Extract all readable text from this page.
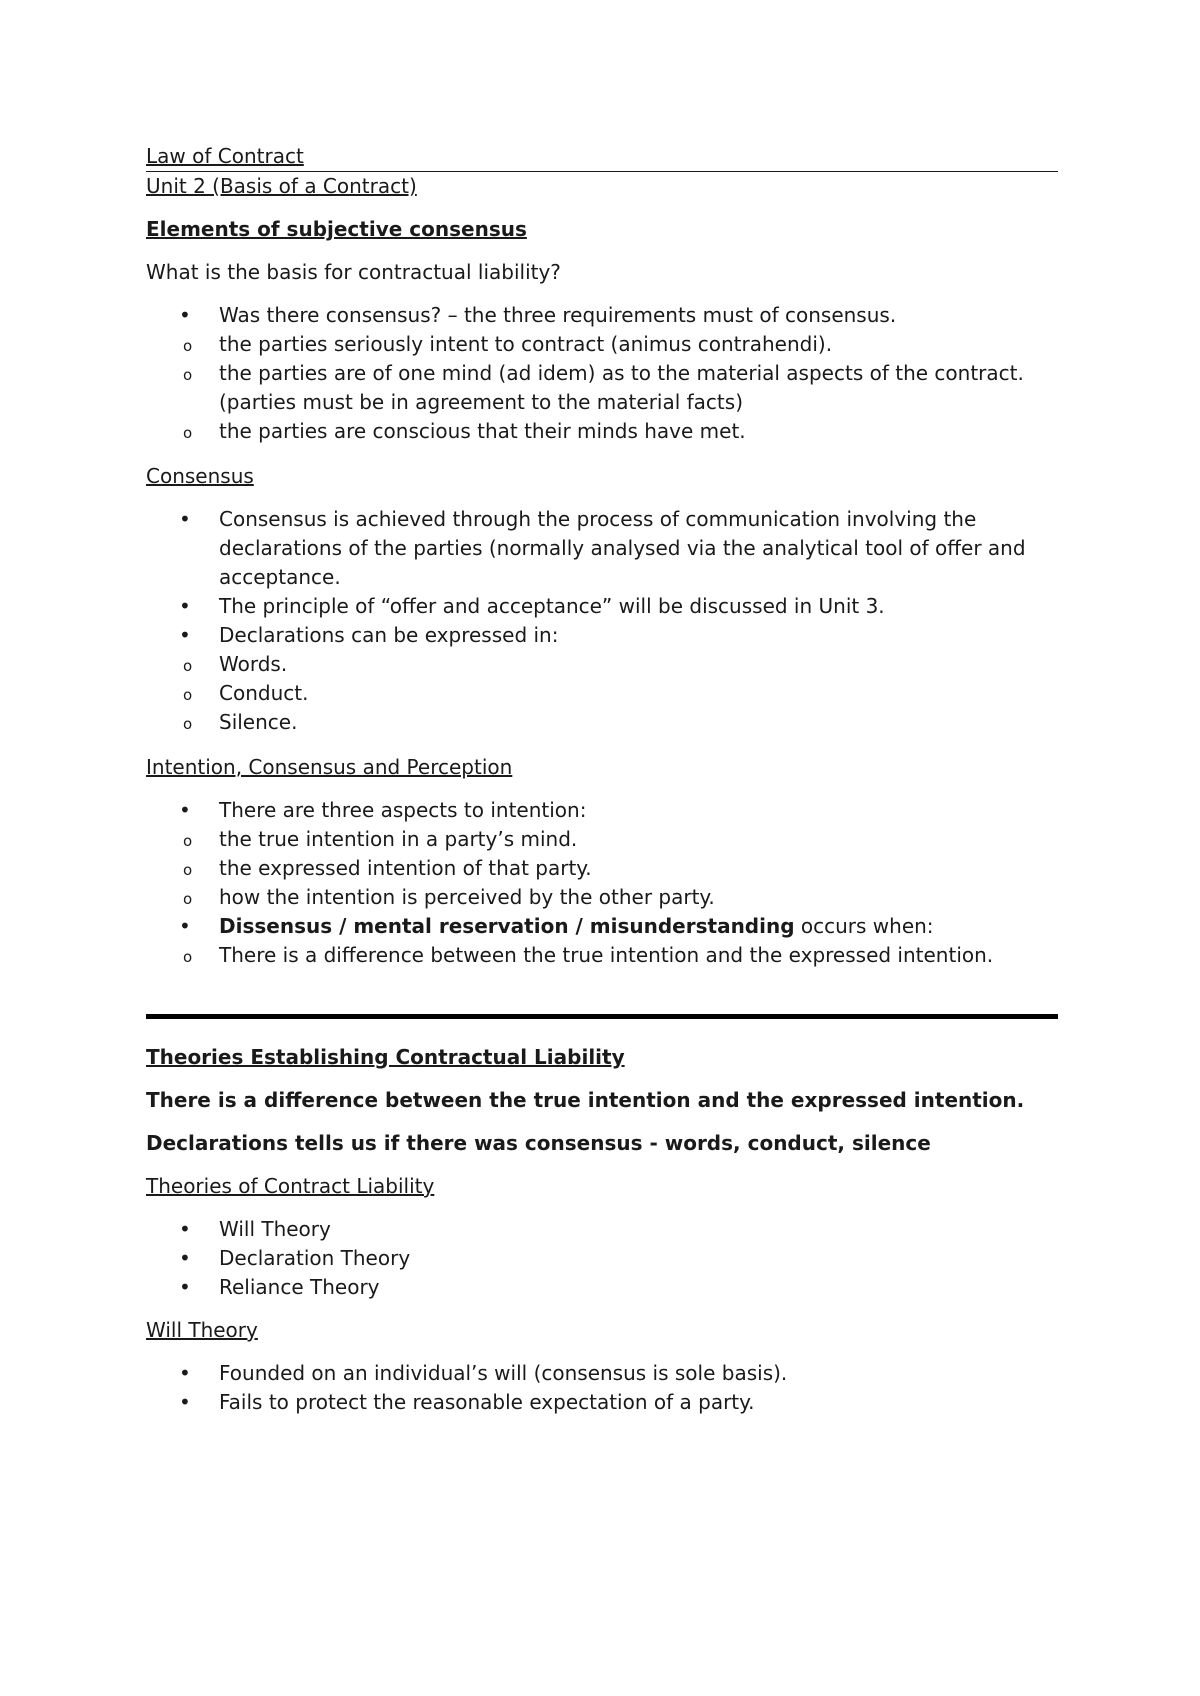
Law of Contract
Unit 2 (Basis of a Contract)

Elements of subjective consensus

What is the basis for contractual liability?

• Was there consensus? – the three requirements must of consensus.
o the parties seriously intent to contract (animus contrahendi).
o the parties are of one mind (ad idem) as to the material aspects of the contract. (parties must be in agreement to the material facts)
o the parties are conscious that their minds have met.

Consensus

• Consensus is achieved through the process of communication involving the declarations of the parties (normally analysed via the analytical tool of offer and acceptance.
• The principle of “offer and acceptance” will be discussed in Unit 3.
• Declarations can be expressed in:
o Words.
o Conduct.
o Silence.

Intention, Consensus and Perception

• There are three aspects to intention:
o the true intention in a party’s mind.
o the expressed intention of that party.
o how the intention is perceived by the other party.
• Dissensus / mental reservation / misunderstanding occurs when:
o There is a difference between the true intention and the expressed intention.

Theories Establishing Contractual Liability

There is a difference between the true intention and the expressed intention.

Declarations tells us if there was consensus - words, conduct, silence

Theories of Contract Liability

• Will Theory
• Declaration Theory
• Reliance Theory

Will Theory

• Founded on an individual’s will (consensus is sole basis).
• Fails to protect the reasonable expectation of a party.
